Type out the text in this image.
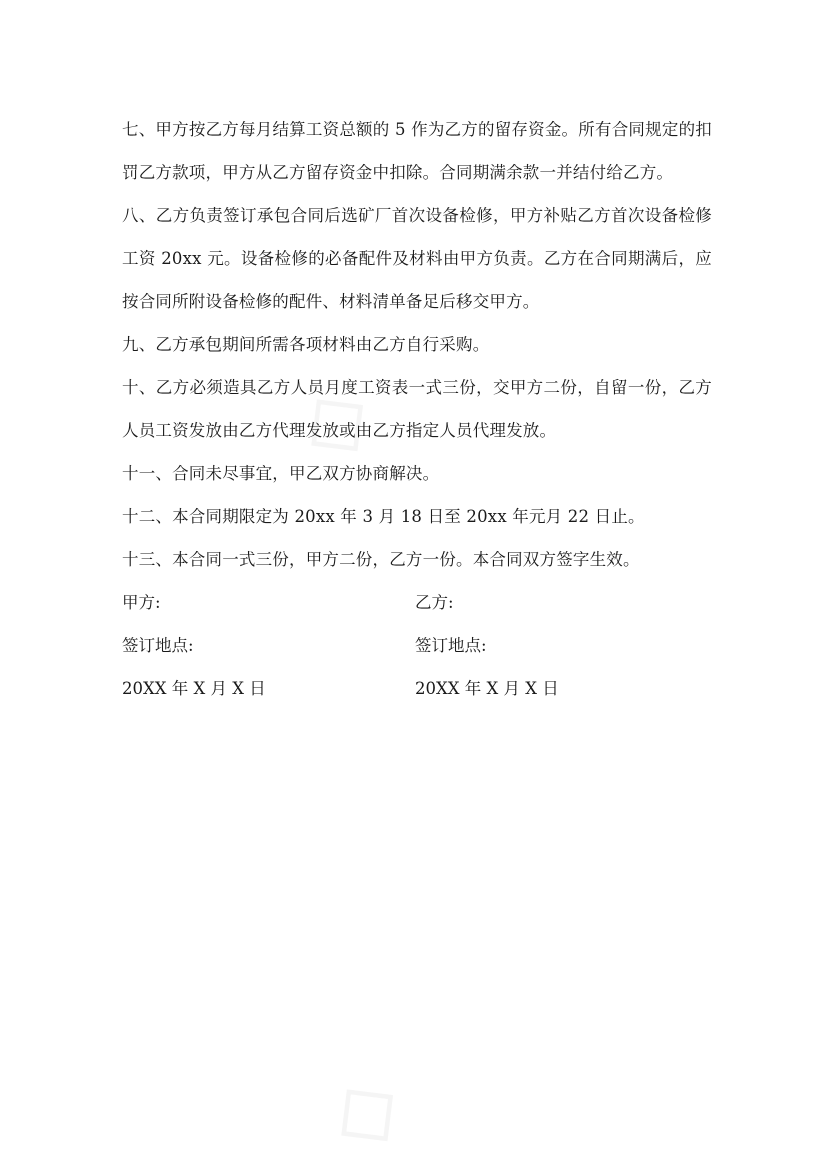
◇
◇

七、甲方按乙方每月结算工资总额的 5 作为乙方的留存资金。所有合同规定的扣罚乙方款项，甲方从乙方留存资金中扣除。合同期满余款一并结付给乙方。

八、乙方负责签订承包合同后选矿厂首次设备检修，甲方补贴乙方首次设备检修工资 20xx 元。设备检修的必备配件及材料由甲方负责。乙方在合同期满后，应按合同所附设备检修的配件、材料清单备足后移交甲方。

九、乙方承包期间所需各项材料由乙方自行采购。

十、乙方必须造具乙方人员月度工资表一式三份，交甲方二份，自留一份，乙方人员工资发放由乙方代理发放或由乙方指定人员代理发放。

十一、合同未尽事宜，甲乙双方协商解决。

十二、本合同期限定为 20xx 年 3 月 18 日至 20xx 年元月 22 日止。

十三、本合同一式三份，甲方二份，乙方一份。本合同双方签字生效。

甲方:	乙方:
签订地点:	签订地点:
20XX 年 X 月 X 日	20XX 年 X 月 X 日
